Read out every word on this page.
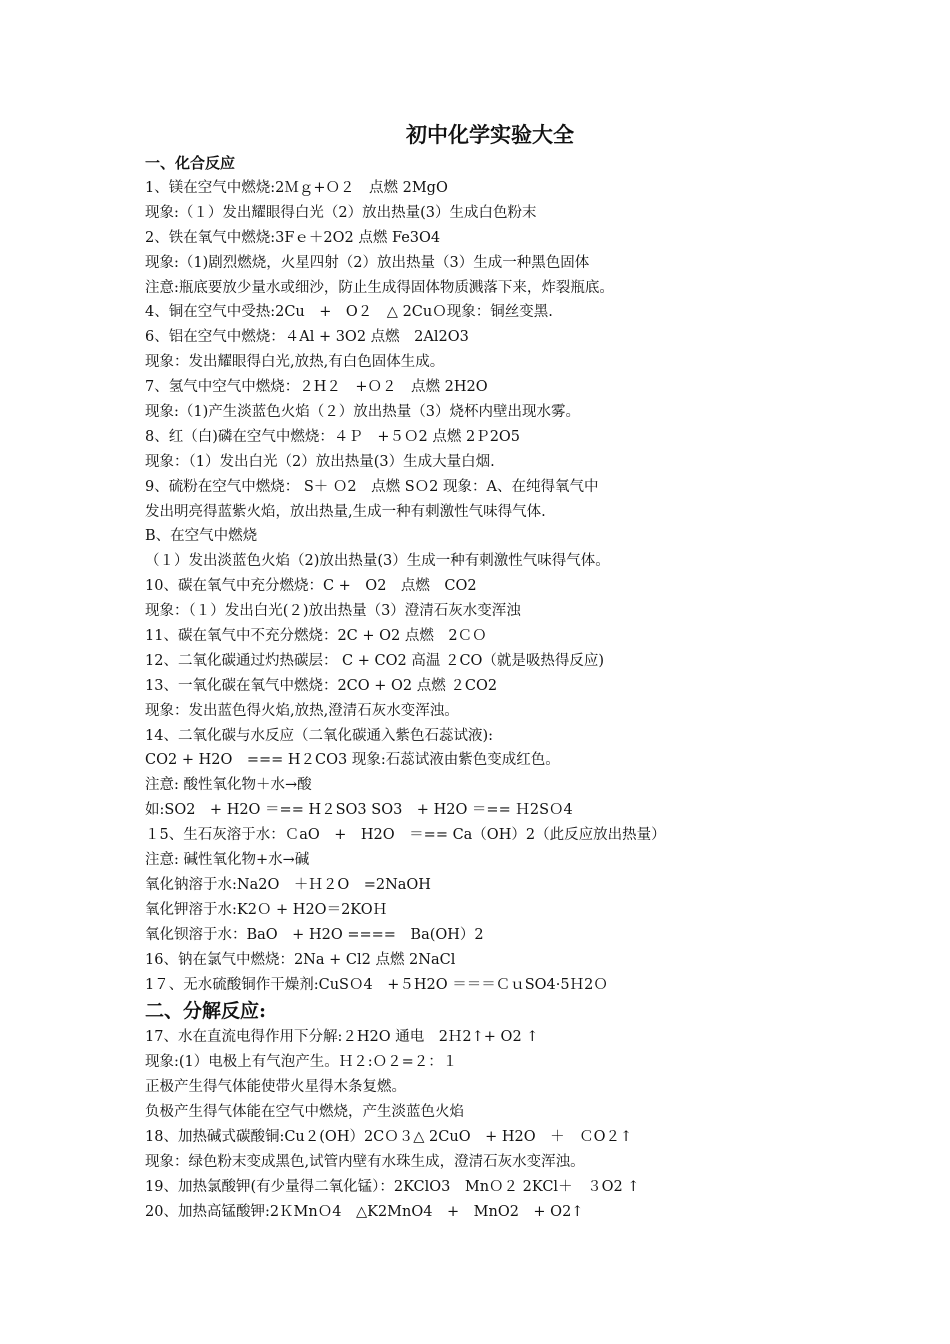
初中化学实验大全
一、化合反应
1、镁在空气中燃烧:2Ｍｇ+Ｏ２　点燃 2MgO
现象:（１）发出耀眼得白光（2）放出热量(3）生成白色粉末
2、铁在氧气中燃烧:3Fｅ＋2O2 点燃 Fe3O4
现象:（1)剧烈燃烧，火星四射（2）放出热量（3）生成一种黑色固体
注意:瓶底要放少量水或细沙，防止生成得固体物质溅落下来，炸裂瓶底。
4、铜在空气中受热:2Cu　+　O２　△ 2CuＯ现象：铜丝变黑.
6、铝在空气中燃烧：４Al + 3O2 点燃　2Al2O3
现象：发出耀眼得白光,放热,有白色固体生成。
7、氢气中空气中燃烧：２H２　+Ｏ２　点燃 2H2O
现象:（1)产生淡蓝色火焰（２）放出热量（3）烧杯内壁出现水雾。
8、红（白)磷在空气中燃烧：４Ｐ　+５Ｏ2 点燃 2Ｐ2O5
现象：（1）发出白光（2）放出热量(3）生成大量白烟.
9、硫粉在空气中燃烧： S＋ Ｏ2　点燃 SＯ2 现象：A、在纯得氧气中
发出明亮得蓝紫火焰，放出热量,生成一种有刺激性气味得气体.
B、在空气中燃烧
（１）发出淡蓝色火焰（2)放出热量(3）生成一种有刺激性气味得气体。
10、碳在氧气中充分燃烧：C +　O2　点燃　CO2
现象：（１）发出白光(２)放出热量（3）澄清石灰水变浑浊
11、碳在氧气中不充分燃烧：2C + O2 点燃　2ＣＯ
12、二氧化碳通过灼热碳层： C + CO2 高温 ２CO（就是吸热得反应)
13、一氧化碳在氧气中燃烧：2CO + O2 点燃 ２CO2
现象：发出蓝色得火焰,放热,澄清石灰水变浑浊。
14、二氧化碳与水反应（二氧化碳通入紫色石蕊试液):
CO2 + H2O　=== H２CO3 现象:石蕊试液由紫色变成红色。
注意: 酸性氧化物＋水→酸
如:SO2　+ H2O ＝== H２SO3 SO3　+ H2O ＝== Ｈ2SＯ4
１5、生石灰溶于水：ＣaO　+　H2O　＝== Ca（OH）2（此反应放出热量）
注意: 碱性氧化物+水→碱
氧化钠溶于水:Na2O　＋Ｈ２O　=2NaOH
氧化钾溶于水:K2Ｏ + H2O＝2KOＨ
氧化钡溶于水：BaO　+ H2O ====　Ba(OH）2
16、钠在氯气中燃烧：2Na + Cl2 点燃 2NaCl
1７、无水硫酸铜作干燥剂:CuSＯ4　+５H2O ＝＝＝ＣｕSO4·5Ｈ2Ｏ
二、分解反应:
17、水在直流电得作用下分解:２H2O 通电　2Ｈ2↑+ O2 ↑
现象:(1）电极上有气泡产生。Ｈ２:Ｏ２=２：１
正极产生得气体能使带火星得木条复燃。
负极产生得气体能在空气中燃烧，产生淡蓝色火焰
18、加热碱式碳酸铜:Cu２(OH）2CＯ３△ 2CuO　+ H2O　＋　ＣO２↑
现象：绿色粉末变成黑色,试管内壁有水珠生成，澄清石灰水变浑浊。
19、加热氯酸钾(有少量得二氧化锰）：2KClO3　MnＯ２ 2KCl＋　３O2 ↑
20、加热高锰酸钾:2ＫMnＯ4　△K2MnO4　+　MnO2　+ O2↑
